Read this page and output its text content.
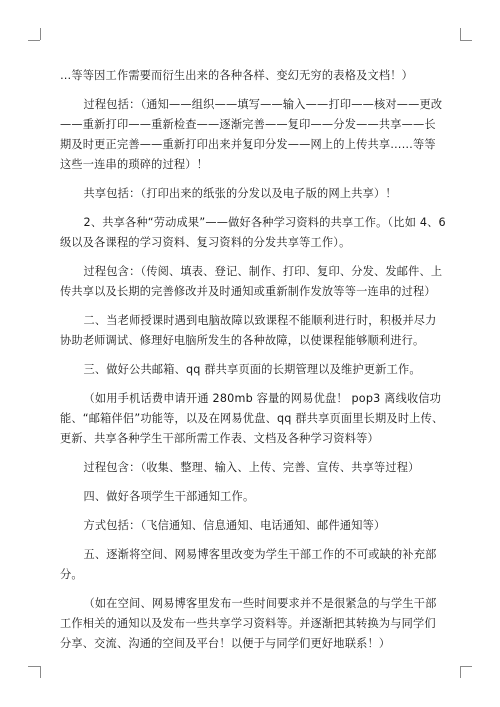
…等等因工作需要而衍生出来的各种各样、变幻无穷的表格及文档！）

过程包括：（通知——组织——填写——输入——打印——核对——更改——重新打印——重新检查——逐渐完善——复印——分发——共享——长期及时更正完善——重新打印出来并复印分发——网上的上传共享……等等这些一连串的琐碎的过程）！

共享包括：（打印出来的纸张的分发以及电子版的网上共享）！

2、共享各种“劳动成果”——做好各种学习资料的共享工作。（比如 4、6 级以及各课程的学习资料、复习资料的分发共享等工作）。

过程包含：（传阅、填表、登记、制作、打印、复印、分发、发邮件、上传共享以及长期的完善修改并及时通知或重新制作发放等等一连串的过程）

二、当老师授课时遇到电脑故障以致课程不能顺利进行时，积极并尽力协助老师调试、修理好电脑所发生的各种故障，以使课程能够顺利进行。

三、做好公共邮箱、qq 群共享页面的长期管理以及维护更新工作。

（如用手机话费申请开通 280mb 容量的网易优盘！ pop3 离线收信功能、“邮箱伴侣”功能等，以及在网易优盘、qq 群共享页面里长期及时上传、更新、共享各种学生干部所需工作表、文档及各种学习资料等）

过程包含：（收集、整理、输入、上传、完善、宣传、共享等过程）

四、做好各项学生干部通知工作。

方式包括：（飞信通知、信息通知、电话通知、邮件通知等）

五、逐渐将空间、网易博客里改变为学生干部工作的不可或缺的补充部分。

（如在空间、网易博客里发布一些时间要求并不是很紧急的与学生干部工作相关的通知以及发布一些共享学习资料等。并逐渐把其转换为与同学们分享、交流、沟通的空间及平台！以便于与同学们更好地联系！）
